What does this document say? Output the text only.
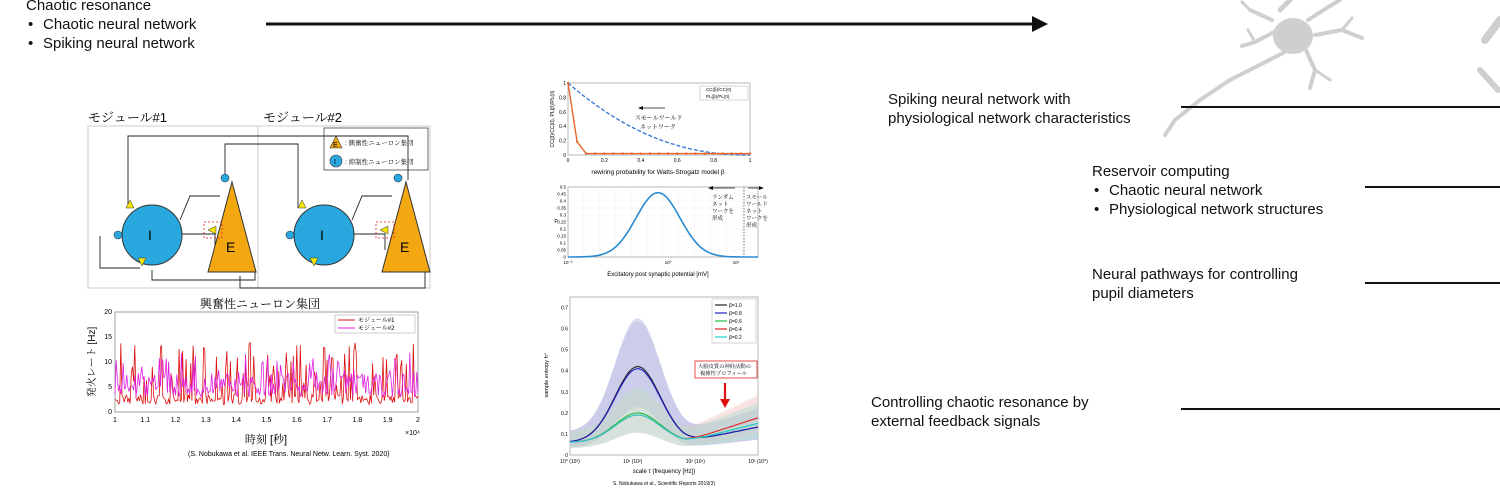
Chaotic resonance
• Chaotic neural network
• Spiking neural network
Spiking neural network with
physiological network characteristics
Reservoir computing
• Chaotic neural network
• Physiological network structures
Neural pathways for controlling
pupil diameters
Controlling chaotic resonance by
external feedback signals
モジュール#1	モジュール#2
E : 興奮性ニューロン集団
I : 抑制性ニューロン集団
I
E
I
E
興奮性ニューロン集団
0
5
10
15
20
1	1.1	1.2	1.3	1.4	1.5	1.6	1.7	1.8	1.9	2
モジュール#1
モジュール#2
発火レート [Hz]
×10⁴
時刻 [秒]
(S. Nobukawa et al. IEEE Trans. Neural Netw. Learn. Syst. 2020)
CC(β)/CC(0)
PL(β)/PL(0)
スモールワールド
ネットワーク
0	0.2	0.4	0.6	0.8	1
0
0.2
0.4
0.6
0.8
1
CC(β)/CC(0), PL(β)/PL(0)
rewiring probability for Watts-Strogatz model β
ランダム
ネット
ワークを
形成
スモール
ワールド
ネット
ワークを
形成
0
0.05
0.1
0.15
0.2
0.25
0.3
0.35
0.4
0.45
0.5
10⁻²	10⁰	10¹
P
Excitatory post synaptic potential [mV]
β=1.0
β=0.8
β=0.6
β=0.4
β=0.2
大脳皮質の神経活動の
複雑性プロフィール
0
0.1
0.2
0.3
0.4
0.5
0.6
0.7
10⁰ (10³)	10¹ (10²)	10² (10¹)	10³ (10⁰)
sample entropy h⁺
scale τ (frequency [Hz])
S. Nobukawa et al., Scientific Reports 2019(3)
